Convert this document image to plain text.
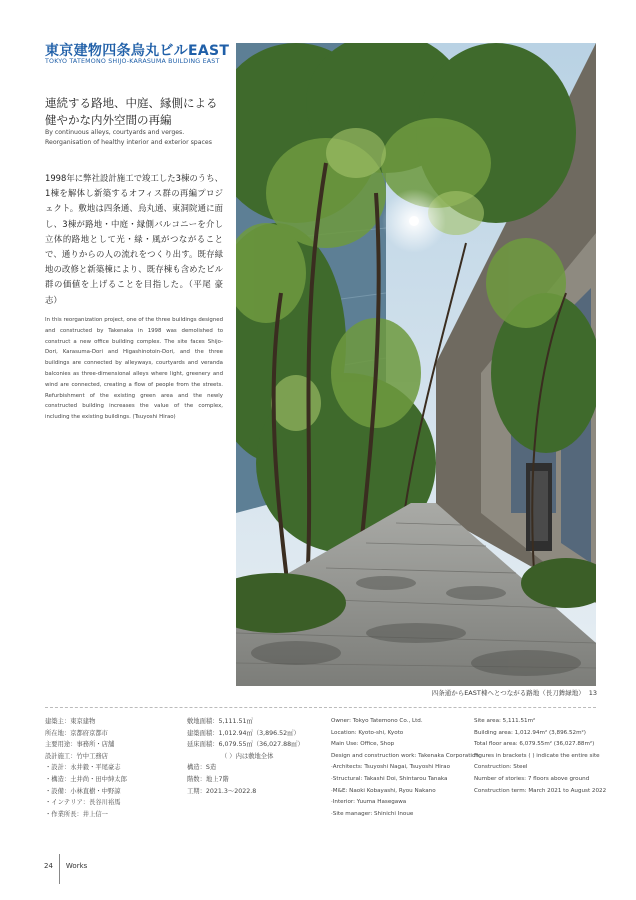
東京建物四条烏丸ビルEAST
TOKYO TATEMONO SHIJO-KARASUMA BUILDING EAST
連続する路地、中庭、縁側による
健やかな内外空間の再編
By continuous alleys, courtyards and verges.
Reorganisation of healthy interior and exterior spaces
1998年に弊社設計施工で竣工した3棟のうち、1棟を解体し新築するオフィス群の再編プロジェクト。敷地は四条通、烏丸通、東洞院通に面し、3棟が路地・中庭・縁側バルコニーを介し立体的路地として光・緑・風がつながることで、通りからの人の流れをつくり出す。既存緑地の改修と新築棟により、既存棟も含めたビル群の価値を上げることを目指した。（平尾 豪志）
In this reorganization project, one of the three buildings designed and constructed by Takenaka in 1998 was demolished to construct a new office building complex. The site faces Shijo-Dori, Karasuma-Dori and Higashinotoin-Dori, and the three buildings are connected by alleyways, courtyards and veranda balconies as three-dimensional alleys where light, greenery and wind are connected, creating a flow of people from the streets. Refurbishment of the existing green area and the newly constructed building increases the value of the complex, including the existing buildings. (Tsuyoshi Hirao)
四条通からEAST棟へとつながる路地（長刀鉾緑地） 13
建築主：東京建物
所在地：京都府京都市
主要用途：事務所・店舗
設計施工：竹中工務店
・設計：永井毅・平尾豪志
・構造：土井尚・田中紳太郎
・設備：小林直樹・中野諒
・インテリア：長谷川裕馬
・作業所長：井上信一
敷地面積：5,111.51㎡
建築面積：1,012.94㎡（3,896.52㎡）
延床面積：6,079.55㎡（36,027.88㎡）
（ ）内は敷地全体
構造：S造
階数：地上7階
工期：2021.3〜2022.8
Owner: Tokyo Tatemono Co., Ltd.
Location: Kyoto-shi, Kyoto
Main Use: Office, Shop
Design and construction work: Takenaka Corporation
·Architects: Tsuyoshi Nagai, Tsuyoshi Hirao
·Structural: Takashi Doi, Shintarou Tanaka
·M&E: Naoki Kobayashi, Ryou Nakano
·Interior: Yuuma Hasegawa
·Site manager: Shinichi Inoue
Site area: 5,111.51m²
Building area: 1,012.94m² (3,896.52m²)
Total floor area: 6,079.55m² (36,027.88m²)
Figures in brackets ( ) indicate the entire site
Construction: Steel
Number of stories: 7 floors above ground
Construction term: March 2021 to August 2022
24 Works
